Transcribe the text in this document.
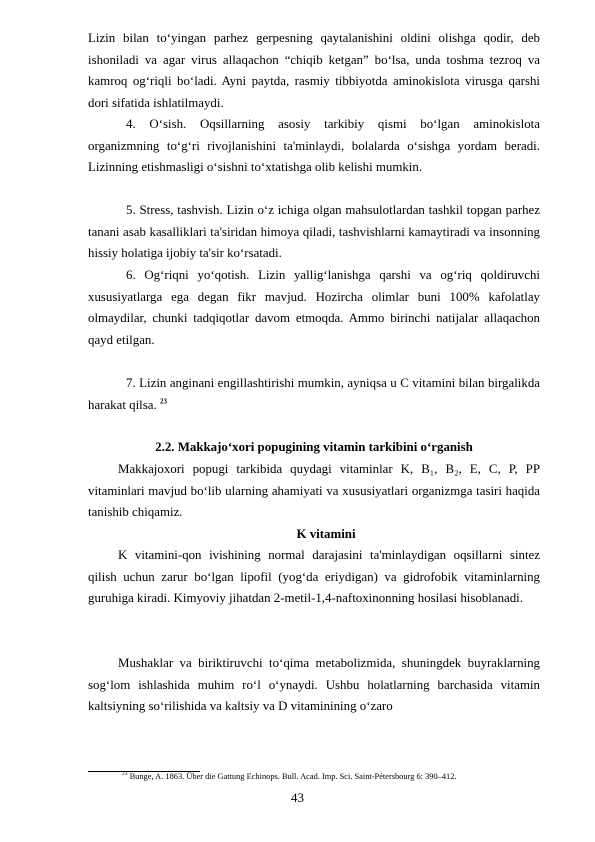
Lizin bilan to‘yingan parhez gerpesning qaytalanishini oldini olishga qodir, deb ishoniladi va agar virus allaqachon “chiqib ketgan” bo‘lsa, unda toshma tezroq va kamroq og‘riqli bo‘ladi. Ayni paytda, rasmiy tibbiyotda aminokislota virusga qarshi dori sifatida ishlatilmaydi.

4. O‘sish. Oqsillarning asosiy tarkibiy qismi bo‘lgan aminokislota organizmning to‘g‘ri rivojlanishini ta'minlaydi, bolalarda o‘sishga yordam beradi. Lizinning etishmasligi o‘sishni to‘xtatishga olib kelishi mumkin.

5. Stress, tashvish. Lizin o‘z ichiga olgan mahsulotlardan tashkil topgan parhez tanani asab kasalliklari ta'siridan himoya qiladi, tashvishlarni kamaytiradi va insonning hissiy holatiga ijobiy ta'sir ko‘rsatadi.

6. Og‘riqni yo‘qotish. Lizin yallig‘lanishga qarshi va og‘riq qoldiruvchi xususiyatlarga ega degan fikr mavjud. Hozircha olimlar buni 100% kafolatlay olmaydilar, chunki tadqiqotlar davom etmoqda. Ammo birinchi natijalar allaqachon qayd etilgan.

7. Lizin anginani engillashtirishi mumkin, ayniqsa u C vitamini bilan birgalikda harakat qilsa. $^{23}$

2.2. Makkajo‘xori popugining vitamin tarkibini o‘rganish

Makkajoxori popugi tarkibida quydagi vitaminlar K, B₁, B₂, E, C, P, PP vitaminlari mavjud bo‘lib ularning ahamiyati va xususiyatlari organizmga tasiri haqida tanishib chiqamiz.

K vitamini

K vitamini-qon ivishining normal darajasini ta'minlaydigan oqsillarni sintez qilish uchun zarur bo‘lgan lipofil (yog‘da eriydigan) va gidrofobik vitaminlarning guruhiga kiradi. Kimyoviy jihatdan 2-metil-1,4-naftoxinonning hosilasi hisoblanadi.

Mushaklar va biriktiruvchi to‘qima metabolizmida, shuningdek buyraklarning sog‘lom ishlashida muhim ro‘l o‘ynaydi. Ushbu holatlarning barchasida vitamin kaltsiyning so‘rilishida va kaltsiy va D vitaminining o‘zaro

$^{23}$ Bunge, A. 1863. Über die Gattung Echinops. Bull. Acad. Imp. Sci. Saint-Pétersbourg 6: 390–412.

43
